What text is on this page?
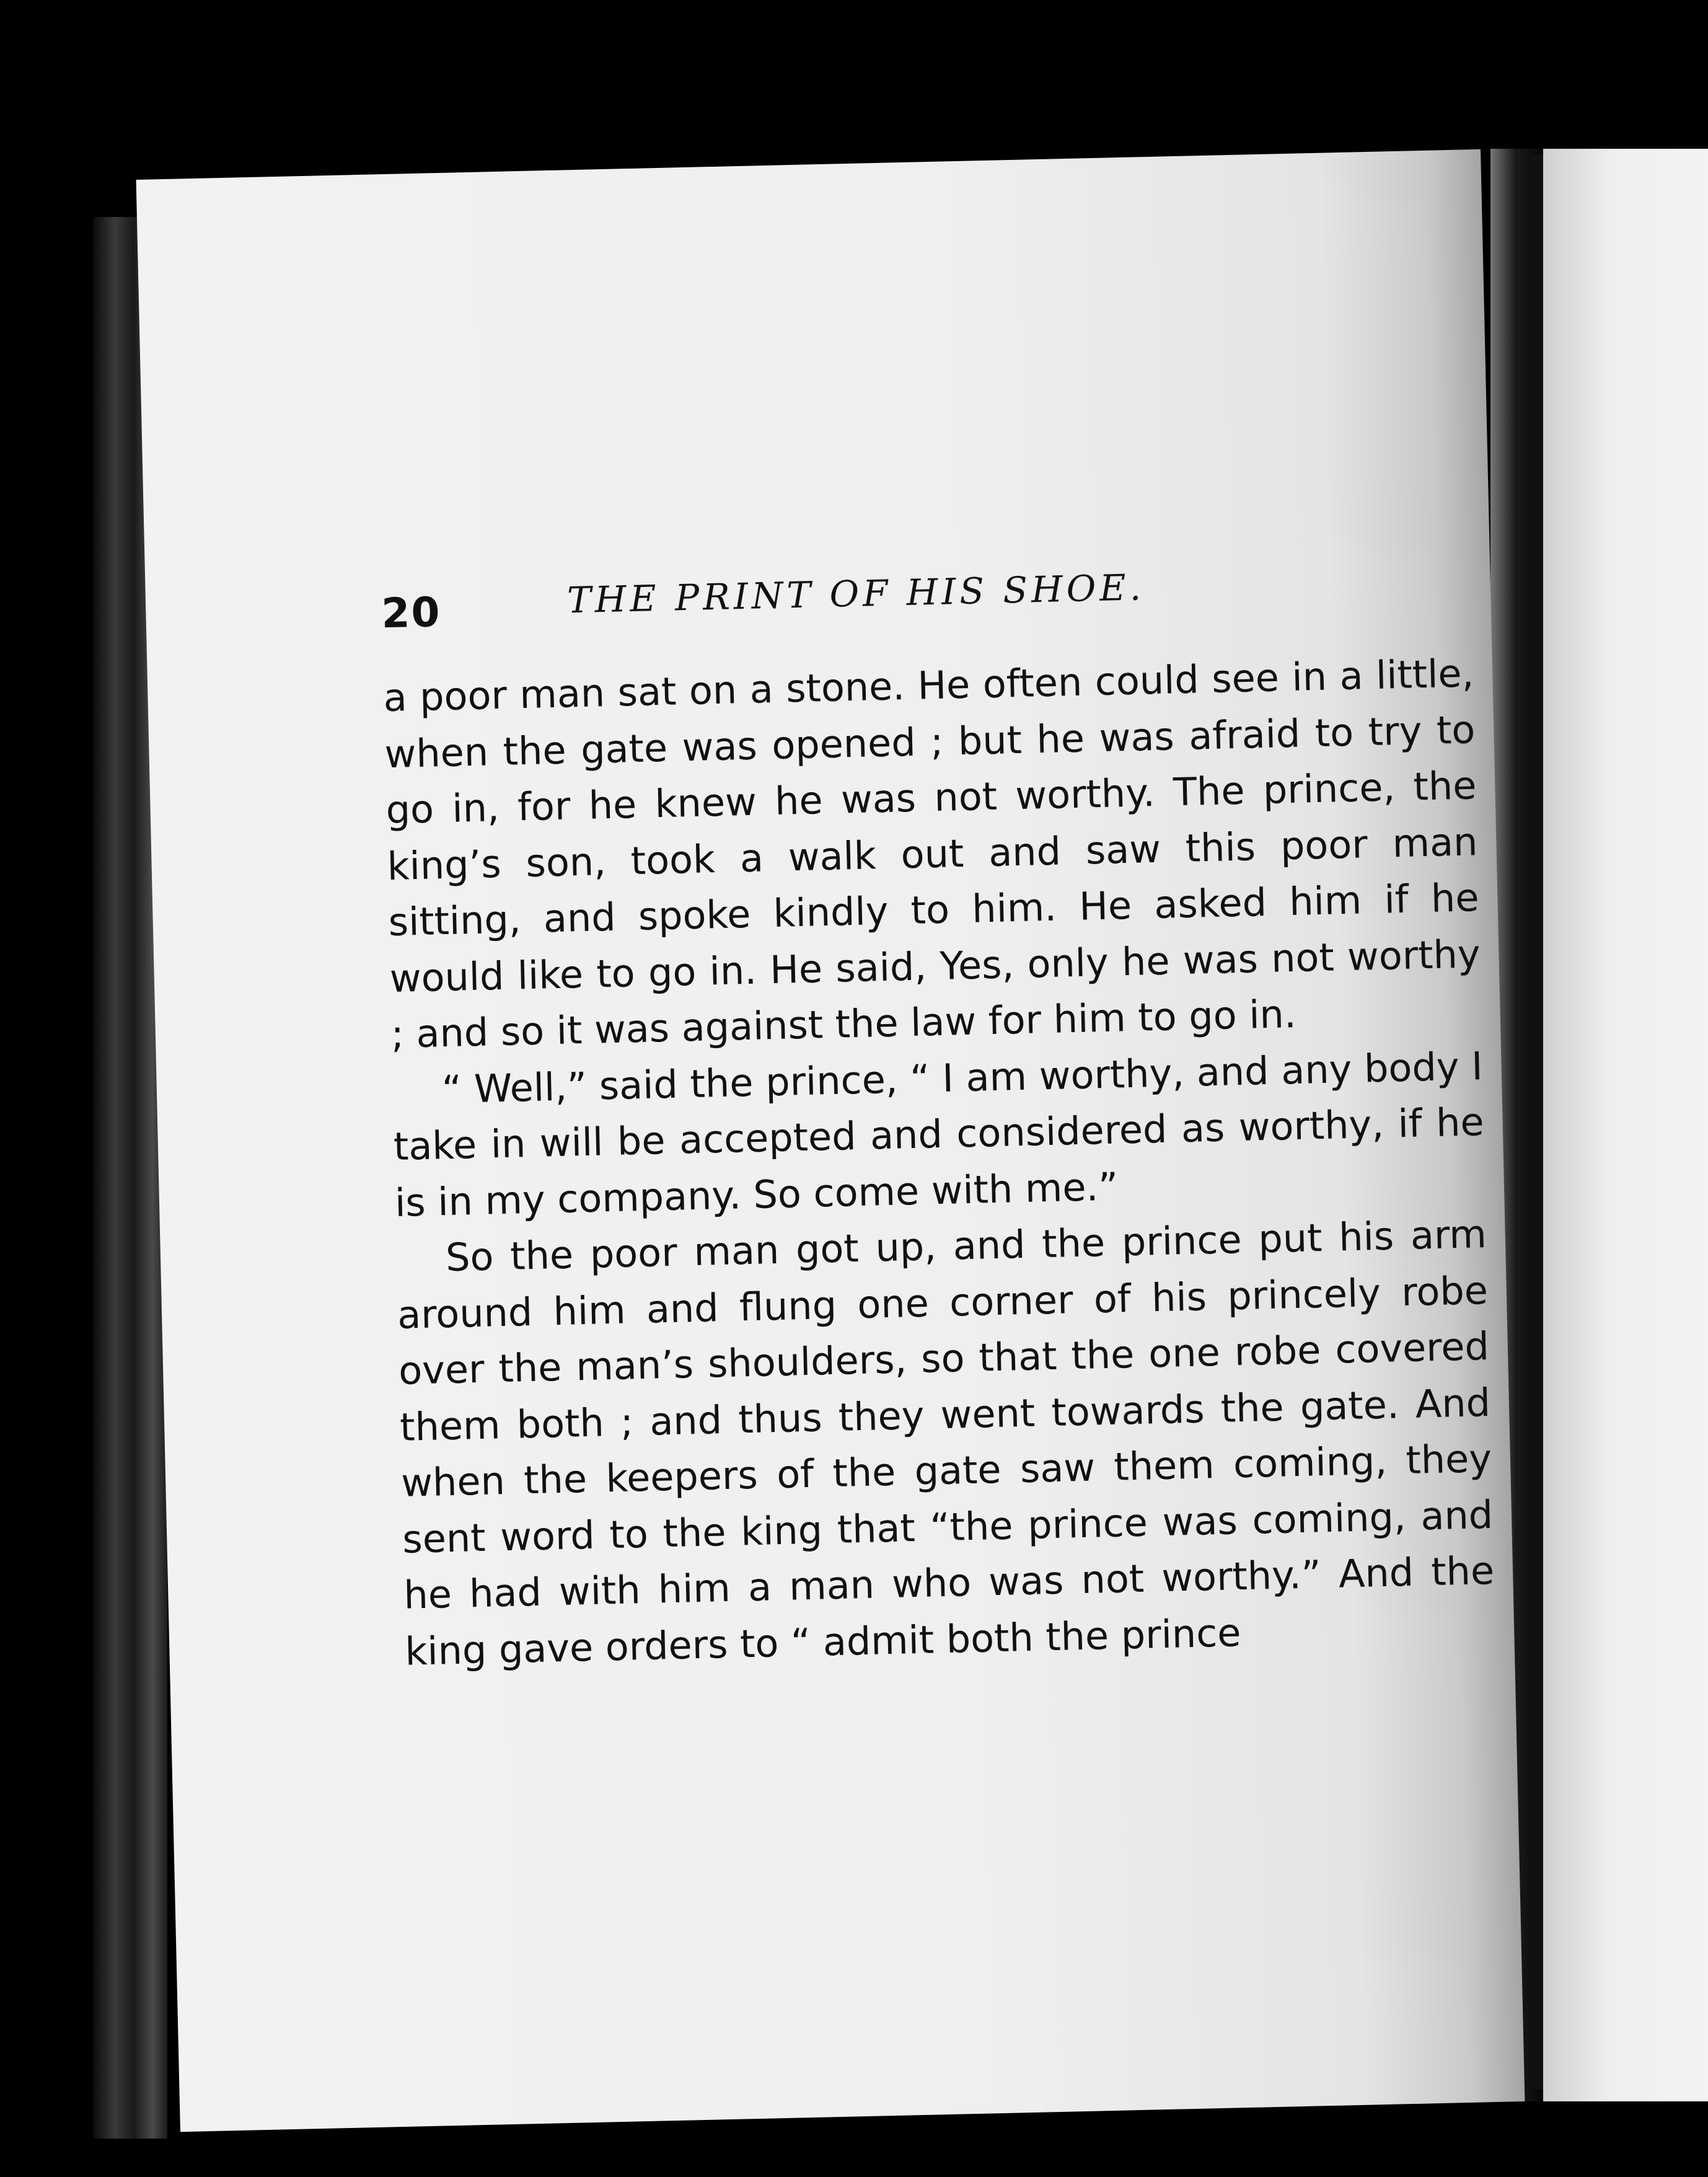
20	THE PRINT OF HIS SHOE.

a poor man sat on a stone. He often could see in a little, when the gate was opened ; but he was afraid to try to go in, for he knew he was not worthy. The prince, the king’s son, took a walk out and saw this poor man sitting, and spoke kindly to him. He asked him if he would like to go in. He said, Yes, only he was not worthy ; and so it was against the law for him to go in.

“ Well,” said the prince, “ I am worthy, and any body I take in will be accepted and considered as worthy, if he is in my company. So come with me.”

So the poor man got up, and the prince put his arm around him and flung one corner of his princely robe over the man’s shoulders, so that the one robe covered them both ; and thus they went towards the gate. And when the keepers of the gate saw them coming, they sent word to the king that “the prince was coming, and he had with him a man who was not worthy.” And the king gave orders to “ admit both the prince
